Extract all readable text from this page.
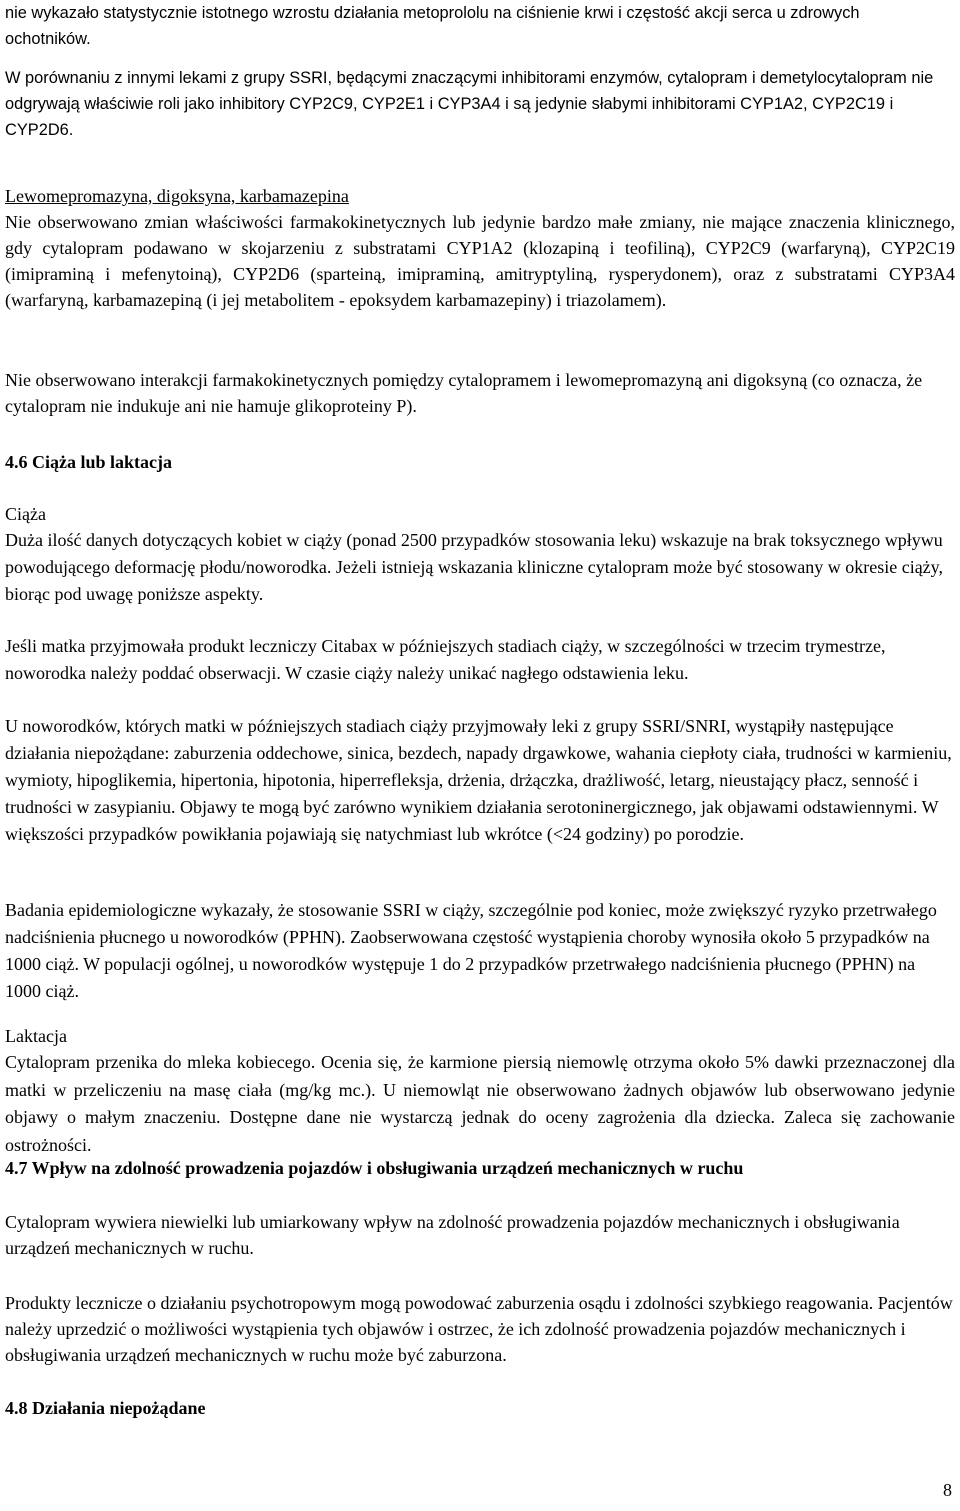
nie wykazało statystycznie istotnego wzrostu działania metoprololu na ciśnienie krwi i częstość akcji serca u zdrowych ochotników.

W porównaniu z innymi lekami z grupy SSRI, będącymi znaczącymi inhibitorami enzymów, cytalopram i demetylocytalopram nie odgrywają właściwie roli jako inhibitory CYP2C9, CYP2E1 i CYP3A4 i są jedynie słabymi inhibitorami CYP1A2, CYP2C19 i CYP2D6.

Lewomepromazyna, digoksyna, karbamazepina

Nie obserwowano zmian właściwości farmakokinetycznych lub jedynie bardzo małe zmiany, nie mające znaczenia klinicznego, gdy cytalopram podawano w skojarzeniu z substratami CYP1A2 (klozapiną i teofiliną), CYP2C9 (warfaryną), CYP2C19 (imipraminą i mefenytoiną), CYP2D6 (sparteiną, imipraminą, amitryptyliną, rysperydonem), oraz z substratami CYP3A4 (warfaryną, karbamazepiną (i jej metabolitem - epoksydem karbamazepiny) i triazolamem).

Nie obserwowano interakcji farmakokinetycznych pomiędzy cytalopramem i lewomepromazyną ani digoksyną (co oznacza, że cytalopram nie indukuje ani nie hamuje glikoproteiny P).

4.6 Ciąża lub laktacja

Ciąża

Duża ilość danych dotyczących kobiet w ciąży (ponad 2500 przypadków stosowania leku) wskazuje na brak toksycznego wpływu powodującego deformację płodu/noworodka. Jeżeli istnieją wskazania kliniczne cytalopram może być stosowany w okresie ciąży, biorąc pod uwagę poniższe aspekty.

Jeśli matka przyjmowała produkt leczniczy Citabax w późniejszych stadiach ciąży, w szczególności w trzecim trymestrze, noworodka należy poddać obserwacji. W czasie ciąży należy unikać nagłego odstawienia leku.

U noworodków, których matki w późniejszych stadiach ciąży przyjmowały leki z grupy SSRI/SNRI, wystąpiły następujące działania niepożądane: zaburzenia oddechowe, sinica, bezdech, napady drgawkowe, wahania ciepłoty ciała, trudności w karmieniu, wymioty, hipoglikemia, hipertonia, hipotonia, hiperrefleksja, drżenia, drżączka, drażliwość, letarg, nieustający płacz, senność i trudności w zasypianiu. Objawy te mogą być zarówno wynikiem działania serotoninergicznego, jak objawami odstawiennymi. W większości przypadków powikłania pojawiają się natychmiast lub wkrótce (<24 godziny) po porodzie.

Badania epidemiologiczne wykazały, że stosowanie SSRI w ciąży, szczególnie pod koniec, może zwiększyć ryzyko przetrwałego nadciśnienia płucnego u noworodków (PPHN). Zaobserwowana częstość wystąpienia choroby wynosiła około 5 przypadków na 1000 ciąż. W populacji ogólnej, u noworodków występuje 1 do 2 przypadków przetrwałego nadciśnienia płucnego (PPHN) na 1000 ciąż.

Laktacja

Cytalopram przenika do mleka kobiecego. Ocenia się, że karmione piersią niemowlę otrzyma około 5% dawki przeznaczonej dla matki w przeliczeniu na masę ciała (mg/kg mc.). U niemowląt nie obserwowano żadnych objawów lub obserwowano jedynie objawy o małym znaczeniu. Dostępne dane nie wystarczą jednak do oceny zagrożenia dla dziecka. Zaleca się zachowanie ostrożności.

4.7 Wpływ na zdolność prowadzenia pojazdów i obsługiwania urządzeń mechanicznych w ruchu

Cytalopram wywiera niewielki lub umiarkowany wpływ na zdolność prowadzenia pojazdów mechanicznych i obsługiwania urządzeń mechanicznych w ruchu.

Produkty lecznicze o działaniu psychotropowym mogą powodować zaburzenia osądu i zdolności szybkiego reagowania. Pacjentów należy uprzedzić o możliwości wystąpienia tych objawów i ostrzec, że ich zdolność prowadzenia pojazdów mechanicznych i obsługiwania urządzeń mechanicznych w ruchu może być zaburzona.

4.8 Działania niepożądane

8
